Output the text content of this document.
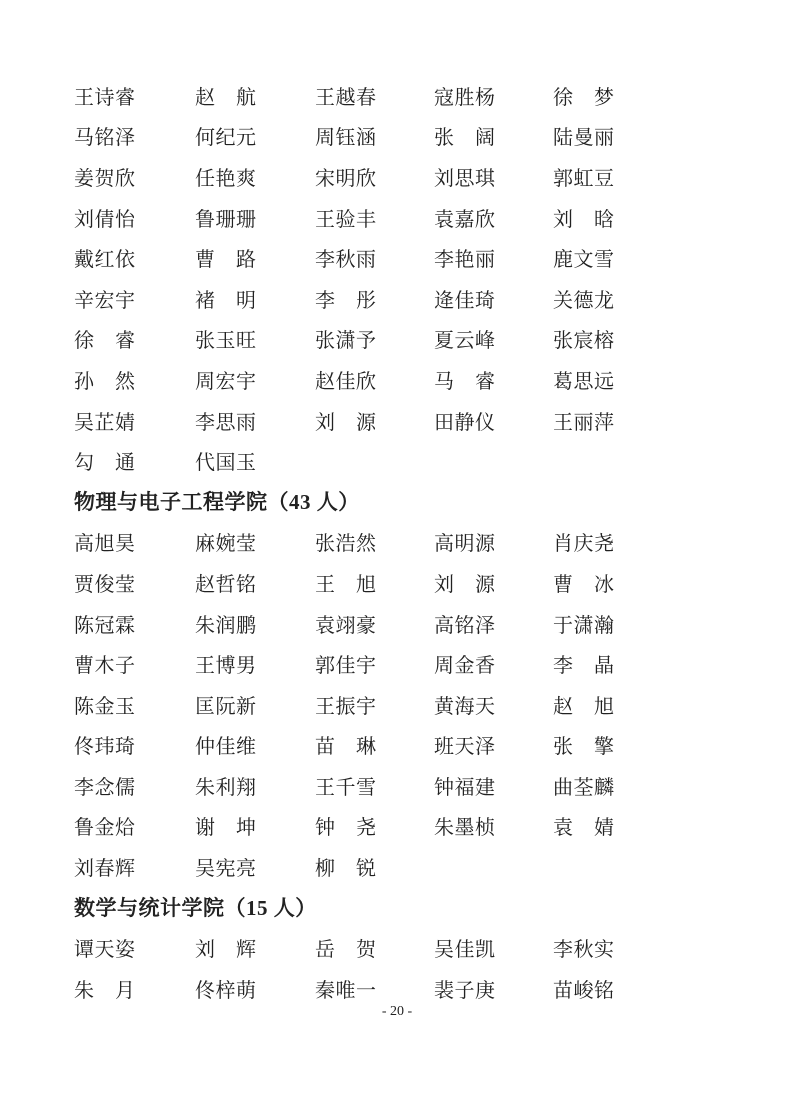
王诗睿	赵　航	王越春	寇胜杨	徐　梦
马铭泽	何纪元	周钰涵	张　阔	陆曼丽
姜贺欣	任艳爽	宋明欣	刘思琪	郭虹豆
刘倩怡	鲁珊珊	王验丰	袁嘉欣	刘　晗
戴红依	曹　路	李秋雨	李艳丽	鹿文雪
辛宏宇	褚　明	李　彤	逄佳琦	关德龙
徐　睿	张玉旺	张潇予	夏云峰	张宸榕
孙　然	周宏宇	赵佳欣	马　睿	葛思远
吴芷婧	李思雨	刘　源	田静仪	王丽萍
勾　通	代国玉
物理与电子工程学院（43 人）
高旭昊	麻婉莹	张浩然	高明源	肖庆尧
贾俊莹	赵哲铭	王　旭	刘　源	曹　冰
陈冠霖	朱润鹏	袁翊豪	高铭泽	于潇瀚
曹木子	王博男	郭佳宇	周金香	李　晶
陈金玉	匡阮新	王振宇	黄海天	赵　旭
佟玮琦	仲佳维	苗　琳	班天泽	张　擎
李念儒	朱利翔	王千雪	钟福建	曲荃麟
鲁金烚	谢　坤	钟　尧	朱墨桢	袁　婧
刘春辉	吴宪亮	柳　锐
数学与统计学院（15 人）
谭天姿	刘　辉	岳　贺	吴佳凯	李秋实
朱　月	佟梓萌	秦唯一	裴子庚	苗峻铭
- 20 -
